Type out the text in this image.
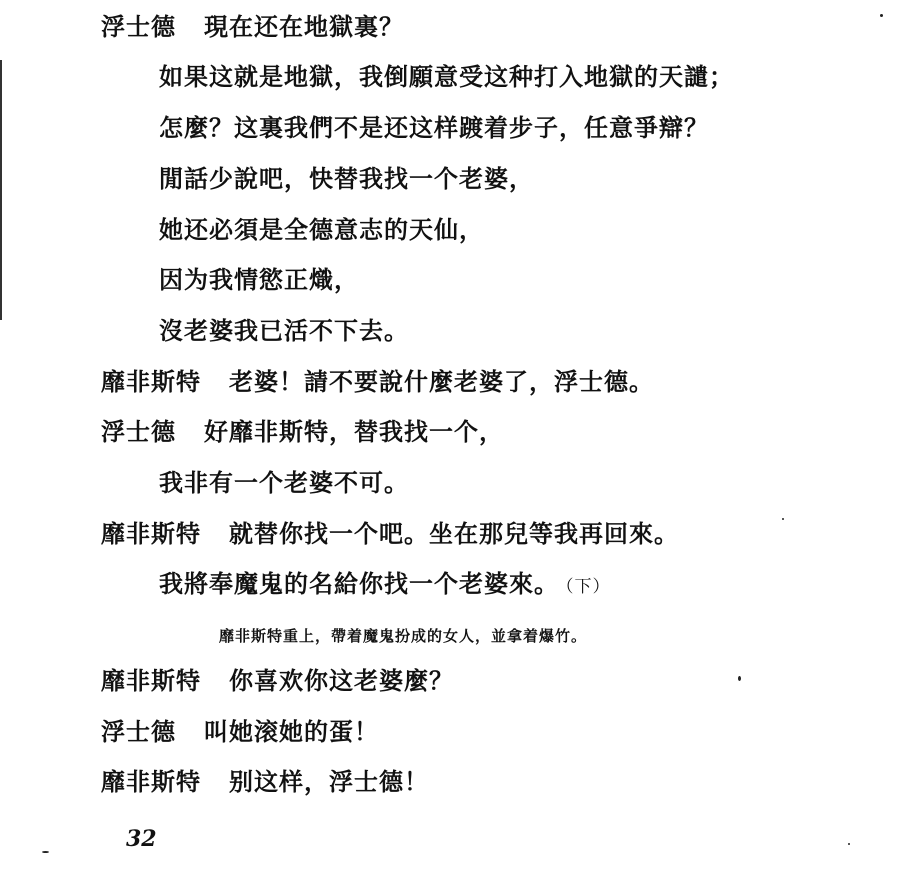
浮士德 現在还在地獄裏？
如果这就是地獄，我倒願意受这种打入地獄的天譴；
怎麼？这裏我們不是还这样踱着步子，任意爭辯？
閒話少說吧，快替我找一个老婆，
她还必須是全德意志的天仙，
因为我情慾正熾，
沒老婆我已活不下去。
靡非斯特 老婆！請不要說什麼老婆了，浮士德。
浮士德 好靡非斯特，替我找一个，
我非有一个老婆不可。
靡非斯特 就替你找一个吧。坐在那兒等我再回來。
我將奉魔鬼的名給你找一个老婆來。 （下）
靡非斯特重上，帶着魔鬼扮成的女人，並拿着爆竹。
靡非斯特 你喜欢你这老婆麼？
浮士德 叫她滚她的蛋！
靡非斯特 别这样，浮士德！
32
